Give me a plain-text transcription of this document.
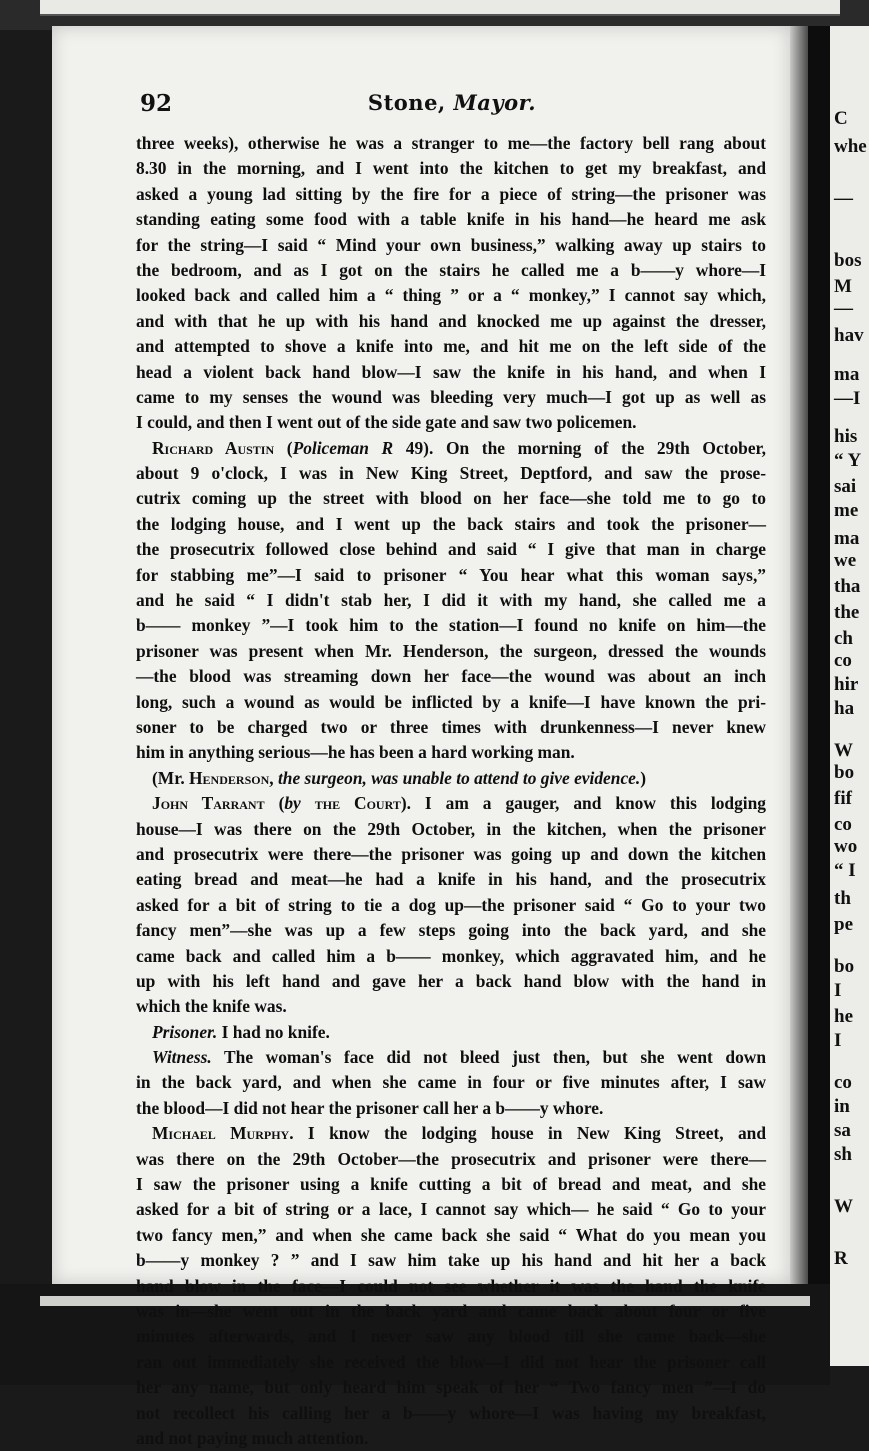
C
whe
—
bos
M
—
hav
ma
—I
his
“ Y
sai
me
ma
we
tha
the
ch
co
hir
ha
W
bo
fif
co
wo
“ I
th
pe
bo
I
he
I
co
in
sa
sh
W
R
92	Stone, Mayor.
three weeks), otherwise he was a stranger to me—the factory bell rang about
8.30 in the morning, and I went into the kitchen to get my breakfast, and
asked a young lad sitting by the fire for a piece of string—the prisoner was
standing eating some food with a table knife in his hand—he heard me ask
for the string—I said “ Mind your own business,” walking away up stairs to
the bedroom, and as I got on the stairs he called me a b——y whore—I
looked back and called him a “ thing ” or a “ monkey,” I cannot say which,
and with that he up with his hand and knocked me up against the dresser,
and attempted to shove a knife into me, and hit me on the left side of the
head a violent back hand blow—I saw the knife in his hand, and when I
came to my senses the wound was bleeding very much—I got up as well as
I could, and then I went out of the side gate and saw two policemen.
Richard Austin (Policeman R 49). On the morning of the 29th October,
about 9 o'clock, I was in New King Street, Deptford, and saw the prose-
cutrix coming up the street with blood on her face—she told me to go to
the lodging house, and I went up the back stairs and took the prisoner—
the prosecutrix followed close behind and said “ I give that man in charge
for stabbing me”—I said to prisoner “ You hear what this woman says,”
and he said “ I didn't stab her, I did it with my hand, she called me a
b—— monkey ”—I took him to the station—I found no knife on him—the
prisoner was present when Mr. Henderson, the surgeon, dressed the wounds
—the blood was streaming down her face—the wound was about an inch
long, such a wound as would be inflicted by a knife—I have known the pri-
soner to be charged two or three times with drunkenness—I never knew
him in anything serious—he has been a hard working man.
(Mr. Henderson, the surgeon, was unable to attend to give evidence.)
John Tarrant (by the Court). I am a gauger, and know this lodging
house—I was there on the 29th October, in the kitchen, when the prisoner
and prosecutrix were there—the prisoner was going up and down the kitchen
eating bread and meat—he had a knife in his hand, and the prosecutrix
asked for a bit of string to tie a dog up—the prisoner said “ Go to your two
fancy men”—she was up a few steps going into the back yard, and she
came back and called him a b—— monkey, which aggravated him, and he
up with his left hand and gave her a back hand blow with the hand in
which the knife was.
Prisoner. I had no knife.
Witness. The woman's face did not bleed just then, but she went down
in the back yard, and when she came in four or five minutes after, I saw
the blood—I did not hear the prisoner call her a b——y whore.
Michael Murphy. I know the lodging house in New King Street, and
was there on the 29th October—the prosecutrix and prisoner were there—
I saw the prisoner using a knife cutting a bit of bread and meat, and she
asked for a bit of string or a lace, I cannot say which— he said “ Go to your
two fancy men,” and when she came back she said “ What do you mean you
b——y monkey ? ” and I saw him take up his hand and hit her a back
hand blow in the face—I could not see whether it was the hand the knife
was in—she went out in the back yard and came back about four or five
minutes afterwards, and I never saw any blood till she came back—she
ran out immediately she received the blow—I did not hear the prisoner call
her any name, but only heard him speak of her “ Two fancy men ”—I do
not recollect his calling her a b——y whore—I was having my breakfast,
and not paying much attention.
